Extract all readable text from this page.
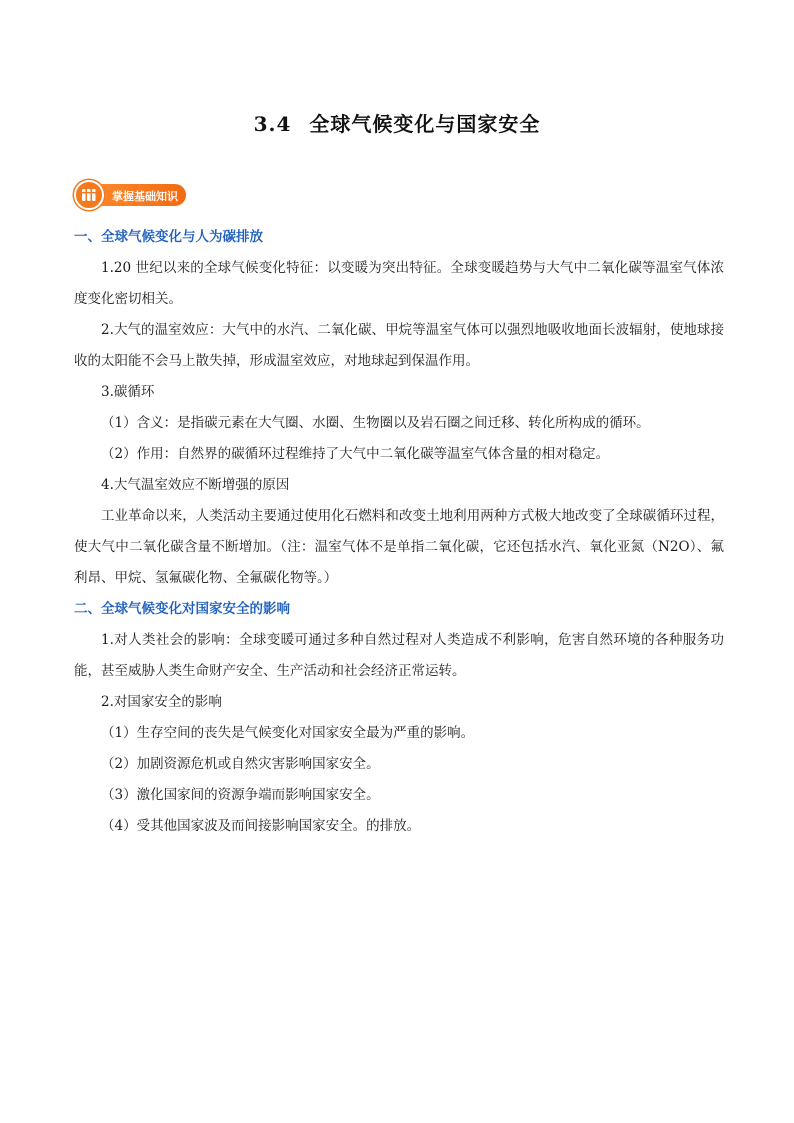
3.4 全球气候变化与国家安全
掌握基础知识
一、全球气候变化与人为碳排放

1.20 世纪以来的全球气候变化特征：以变暖为突出特征。全球变暖趋势与大气中二氧化碳等温室气体浓度变化密切相关。

2.大气的温室效应：大气中的水汽、二氧化碳、甲烷等温室气体可以强烈地吸收地面长波辐射，使地球接收的太阳能不会马上散失掉，形成温室效应，对地球起到保温作用。

3.碳循环

（1）含义：是指碳元素在大气圈、水圈、生物圈以及岩石圈之间迁移、转化所构成的循环。

（2）作用：自然界的碳循环过程维持了大气中二氧化碳等温室气体含量的相对稳定。

4.大气温室效应不断增强的原因

工业革命以来，人类活动主要通过使用化石燃料和改变土地利用两种方式极大地改变了全球碳循环过程，使大气中二氧化碳含量不断增加。（注：温室气体不是单指二氧化碳，它还包括水汽、氧化亚氮（N2O）、氟利昂、甲烷、氢氟碳化物、全氟碳化物等。）

二、全球气候变化对国家安全的影响

1.对人类社会的影响：全球变暖可通过多种自然过程对人类造成不利影响，危害自然环境的各种服务功能，甚至威胁人类生命财产安全、生产活动和社会经济正常运转。

2.对国家安全的影响

（1）生存空间的丧失是气候变化对国家安全最为严重的影响。

（2）加剧资源危机或自然灾害影响国家安全。

（3）激化国家间的资源争端而影响国家安全。

（4）受其他国家波及而间接影响国家安全。的排放。
